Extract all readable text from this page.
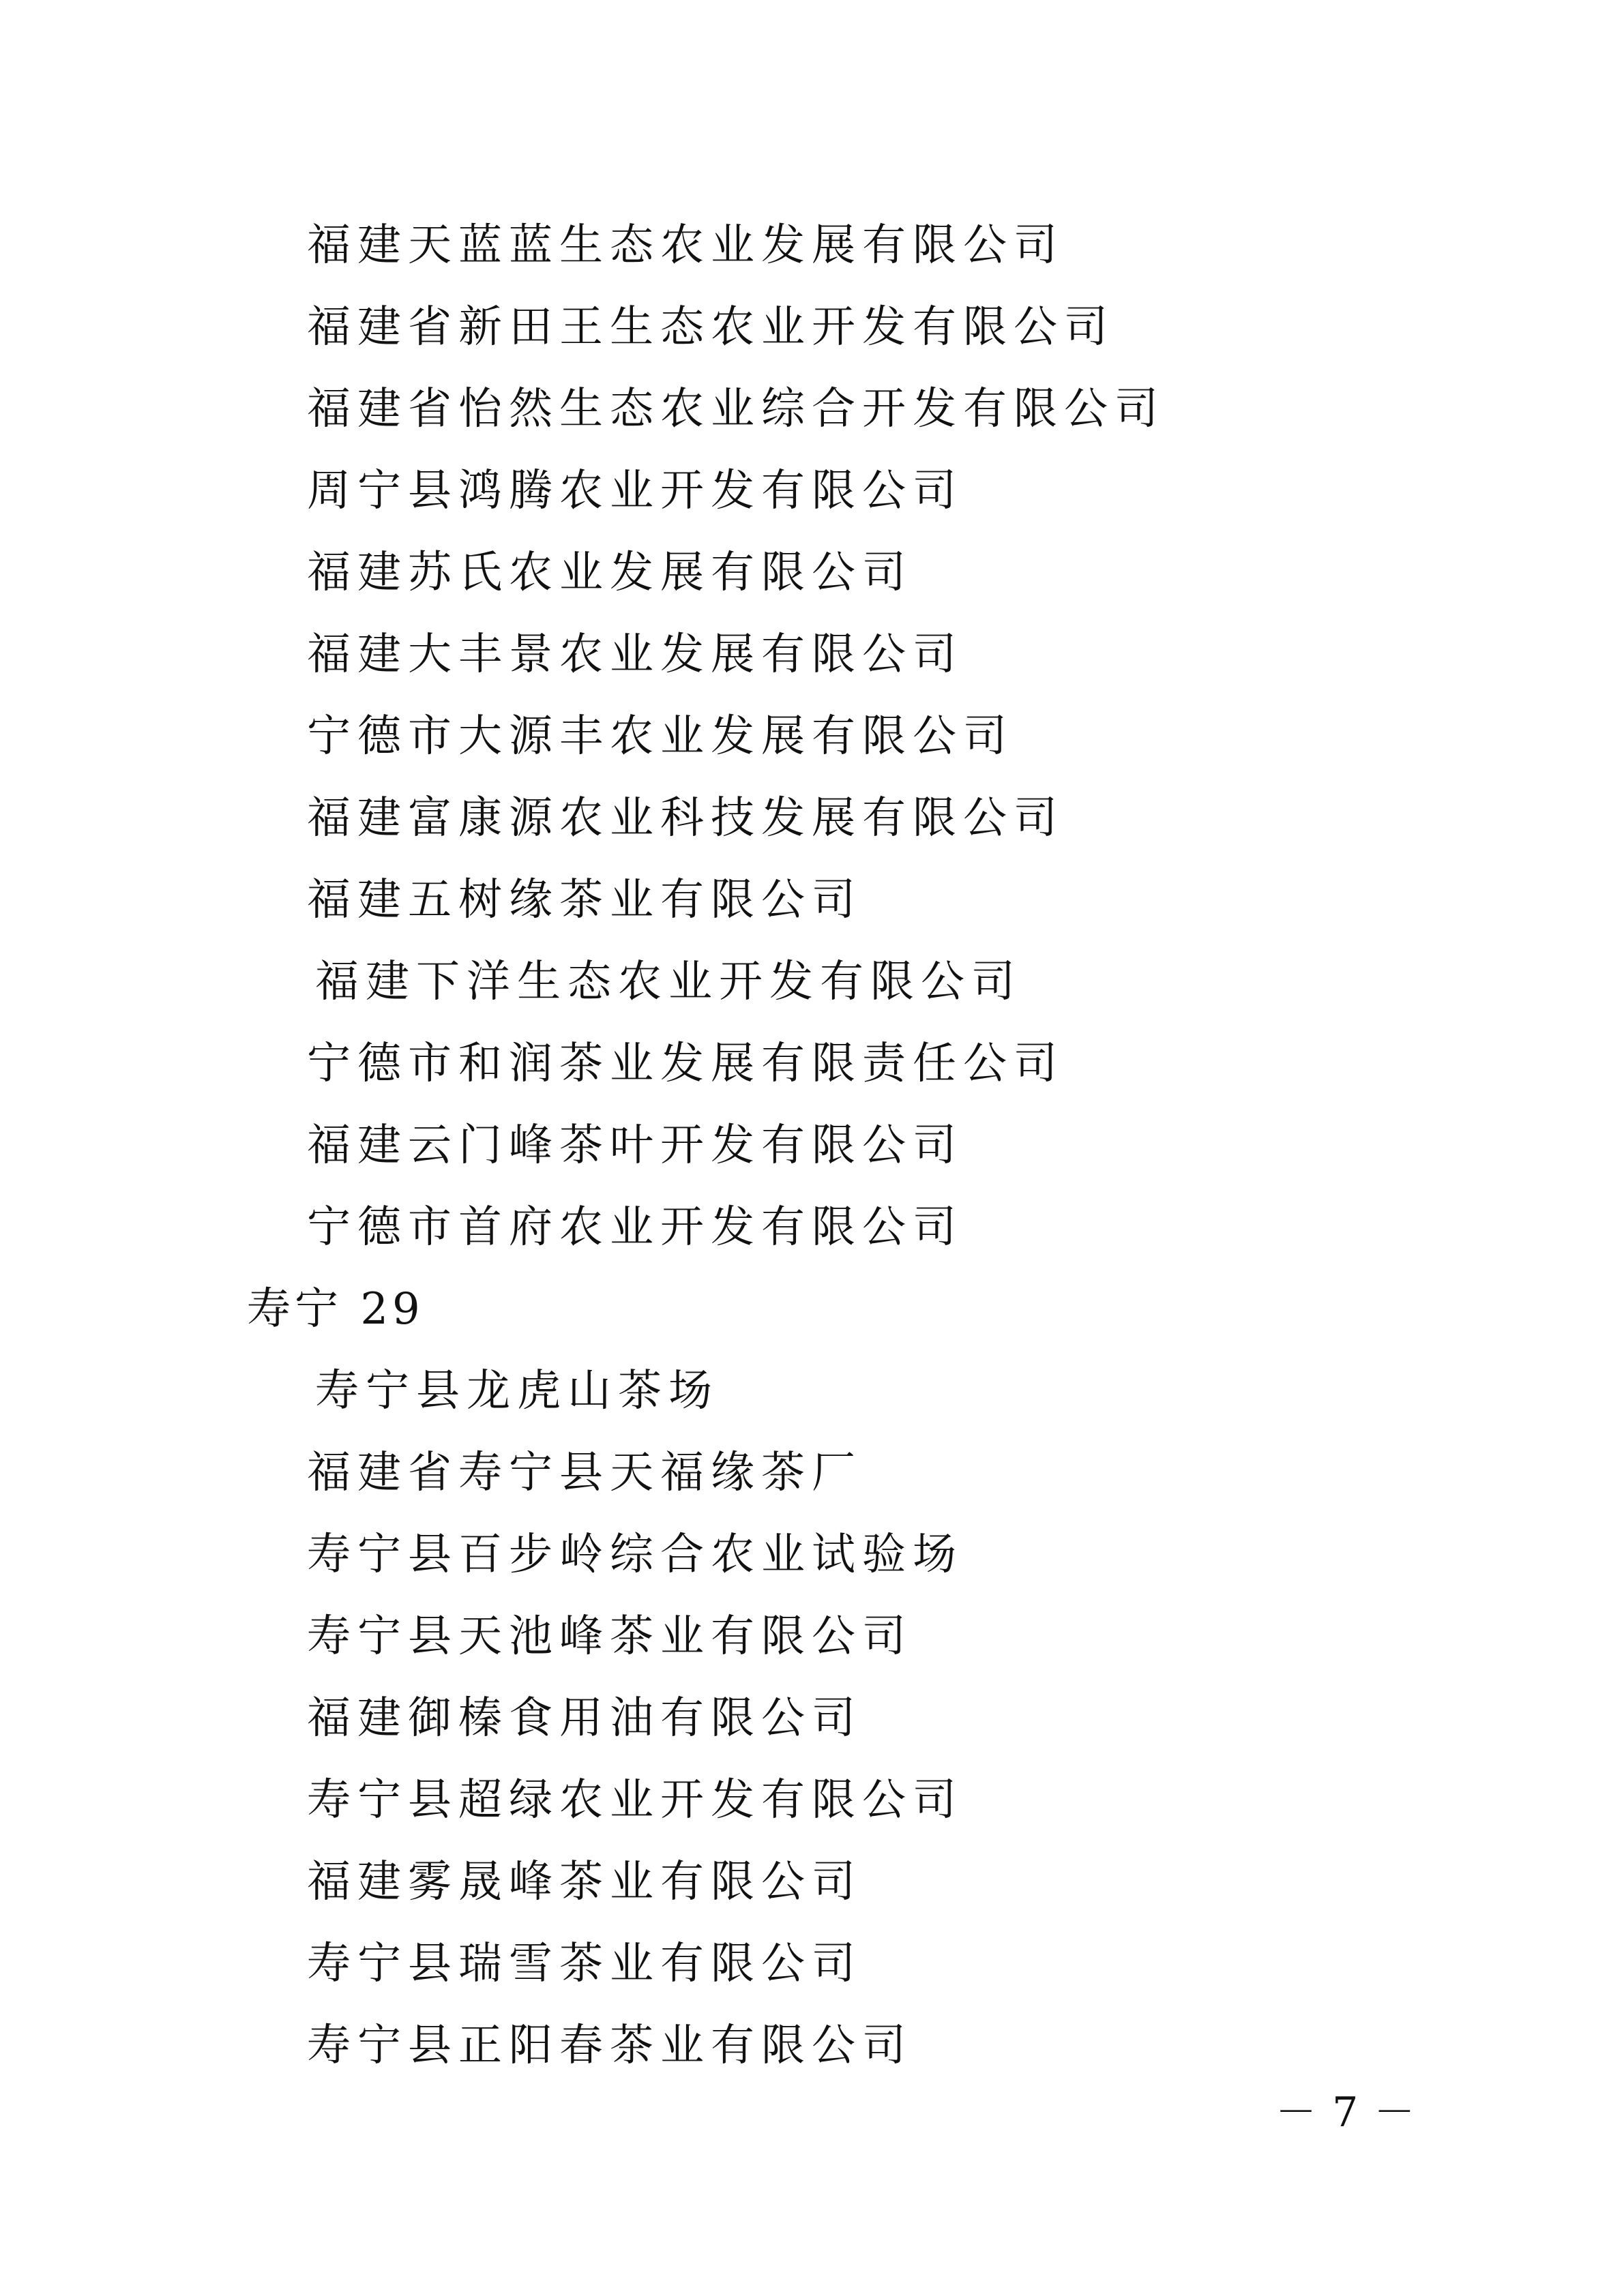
福建天蓝蓝生态农业发展有限公司
福建省新田王生态农业开发有限公司
福建省怡然生态农业综合开发有限公司
周宁县鸿腾农业开发有限公司
福建苏氏农业发展有限公司
福建大丰景农业发展有限公司
宁德市大源丰农业发展有限公司
福建富康源农业科技发展有限公司
福建五树缘茶业有限公司
福建下洋生态农业开发有限公司
宁德市和润茶业发展有限责任公司
福建云门峰茶叶开发有限公司
宁德市首府农业开发有限公司
寿宁 29
寿宁县龙虎山茶场
福建省寿宁县天福缘茶厂
寿宁县百步岭综合农业试验场
寿宁县天池峰茶业有限公司
福建御榛食用油有限公司
寿宁县超绿农业开发有限公司
福建雾晟峰茶业有限公司
寿宁县瑞雪茶业有限公司
寿宁县正阳春茶业有限公司
－ 7 －
